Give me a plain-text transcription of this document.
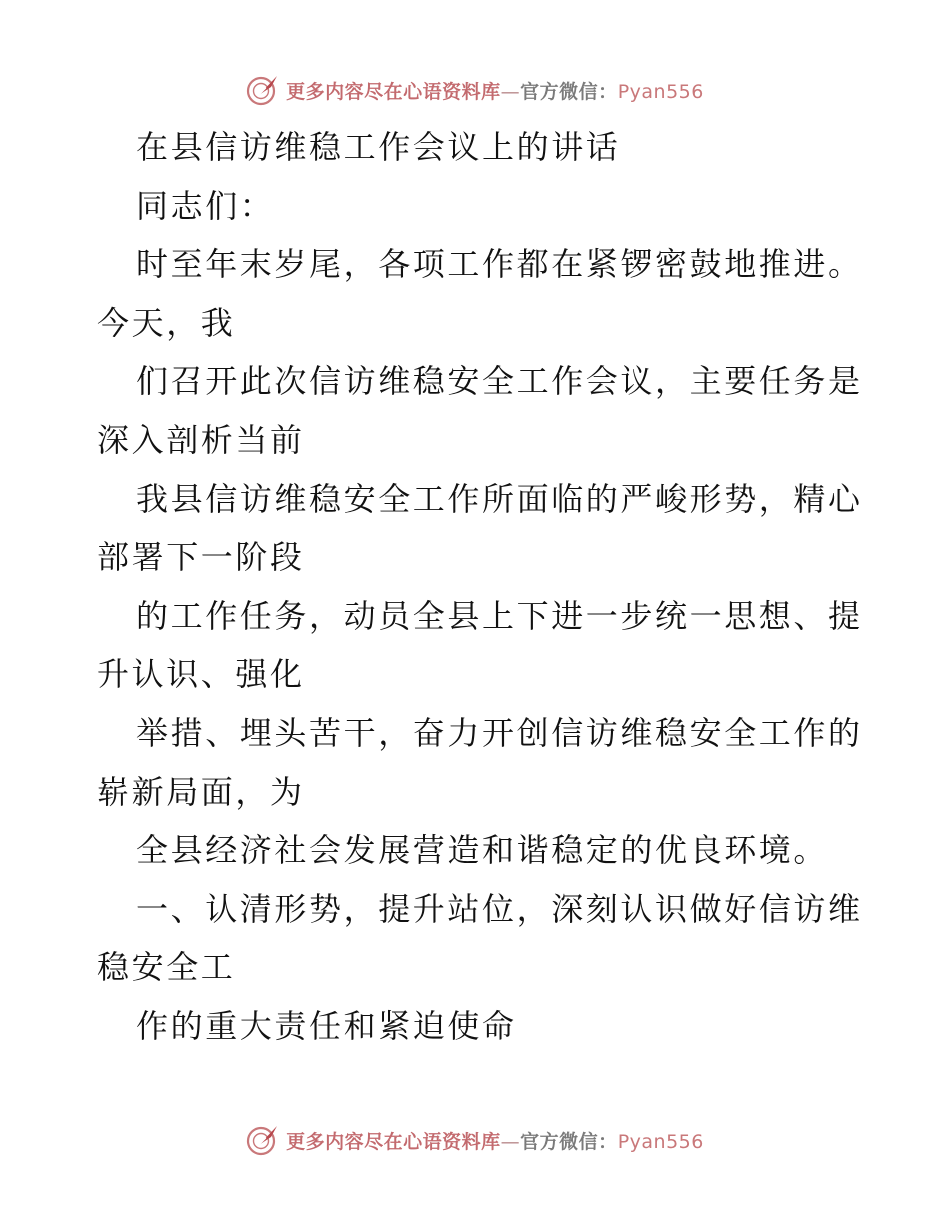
更多内容尽在心语资料库—官方微信：Pyan556
在县信访维稳工作会议上的讲话
同志们：
时至年末岁尾，各项工作都在紧锣密鼓地推进。
今天，我
们召开此次信访维稳安全工作会议，主要任务是
深入剖析当前
我县信访维稳安全工作所面临的严峻形势，精心
部署下一阶段
的工作任务，动员全县上下进一步统一思想、提
升认识、强化
举措、埋头苦干，奋力开创信访维稳安全工作的
崭新局面，为
全县经济社会发展营造和谐稳定的优良环境。
一、认清形势，提升站位，深刻认识做好信访维
稳安全工
作的重大责任和紧迫使命
更多内容尽在心语资料库—官方微信：Pyan556
